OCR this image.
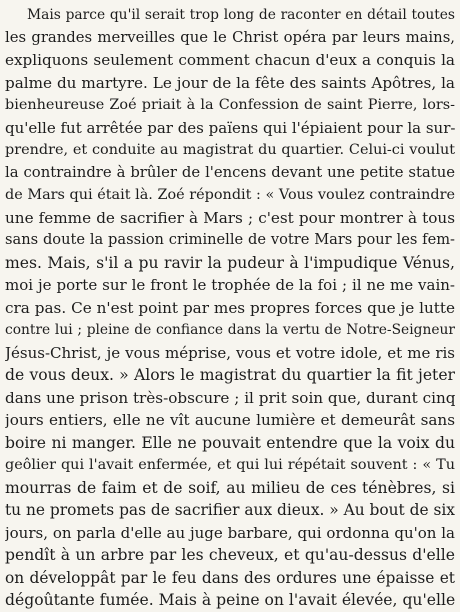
Mais parce qu'il serait trop long de raconter en détail toutes
les grandes merveilles que le Christ opéra par leurs mains,
expliquons seulement comment chacun d'eux a conquis la
palme du martyre. Le jour de la fête des saints Apôtres, la
bienheureuse Zoé priait à la Confession de saint Pierre, lors-
qu'elle fut arrêtée par des païens qui l'épiaient pour la sur-
prendre, et conduite au magistrat du quartier. Celui-ci voulut
la contraindre à brûler de l'encens devant une petite statue
de Mars qui était là. Zoé répondit : « Vous voulez contraindre
une femme de sacrifier à Mars ; c'est pour montrer à tous
sans doute la passion criminelle de votre Mars pour les fem-
mes. Mais, s'il a pu ravir la pudeur à l'impudique Vénus,
moi je porte sur le front le trophée de la foi ; il ne me vain-
cra pas. Ce n'est point par mes propres forces que je lutte
contre lui ; pleine de confiance dans la vertu de Notre-Seigneur
Jésus-Christ, je vous méprise, vous et votre idole, et me ris
de vous deux. » Alors le magistrat du quartier la fit jeter
dans une prison très-obscure ; il prit soin que, durant cinq
jours entiers, elle ne vît aucune lumière et demeurât sans
boire ni manger. Elle ne pouvait entendre que la voix du
geôlier qui l'avait enfermée, et qui lui répétait souvent : « Tu
mourras de faim et de soif, au milieu de ces ténèbres, si
tu ne promets pas de sacrifier aux dieux. » Au bout de six
jours, on parla d'elle au juge barbare, qui ordonna qu'on la
pendît à un arbre par les cheveux, et qu'au-dessus d'elle
on développât par le feu dans des ordures une épaisse et
dégoûtante fumée. Mais à peine on l'avait élevée, qu'elle
